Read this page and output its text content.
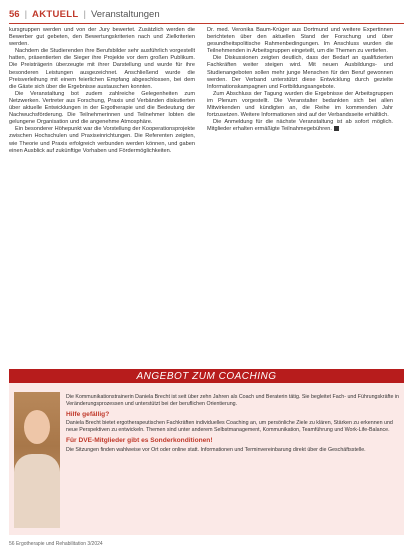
56 | AKTUELL | Veranstaltungen

kursgruppen werden und von der Jury bewertet. Zusätzlich werden die Bewerber gut gebeten, den Bewertungskriterien nach und Zielkriterien werden.

Nachdem die Studierenden ihre Berufsbilder sehr ausführlich vorgestellt hatten, präsentierten die Sieger ihre Projekte vor dem großen Publikum. Die Preisträgerin überzeugte mit ihrer Darstellung und wurde für ihre besonderen Leistungen ausgezeichnet. Anschließend wurde die Preisverleihung mit einem feierlichen Empfang abgeschlossen, bei dem die Gäste sich über die Ergebnisse austauschen konnten.

Die Veranstaltung bot zudem zahlreiche Gelegenheiten zum Netzwerken. Vertreter aus Forschung, Praxis und Verbänden diskutierten über aktuelle Entwicklungen in der Ergotherapie und die Bedeutung der Nachwuchsförderung. Die Teilnehmerinnen und Teilnehmer lobten die gelungene Organisation und die angenehme Atmosphäre.

Ein besonderer Höhepunkt war die Vorstellung der Kooperationsprojekte zwischen Hochschulen und Praxiseinrichtungen. Die Referenten zeigten, wie Theorie und Praxis erfolgreich verbunden werden können, und gaben einen Ausblick auf zukünftige Vorhaben und Fördermöglichkeiten.

Dr. med. Veronika Baum-Krüger aus Dortmund und weitere Expertinnen berichteten über den aktuellen Stand der Forschung und über gesundheitspolitische Rahmenbedingungen. Im Anschluss wurden die Teilnehmenden in Arbeitsgruppen eingeteilt, um die Themen zu vertiefen.

Die Diskussionen zeigten deutlich, dass der Bedarf an qualifizierten Fachkräften weiter steigen wird. Mit neuen Ausbildungs- und Studienangeboten sollen mehr junge Menschen für den Beruf gewonnen werden. Der Verband unterstützt diese Entwicklung durch gezielte Informationskampagnen und Fortbildungsangebote.

Zum Abschluss der Tagung wurden die Ergebnisse der Arbeitsgruppen im Plenum vorgestellt. Die Veranstalter bedankten sich bei allen Mitwirkenden und kündigten an, die Reihe im kommenden Jahr fortzusetzen. Weitere Informationen sind auf der Verbandsseite erhältlich.

Die Anmeldung für die nächste Veranstaltung ist ab sofort möglich. Mitglieder erhalten ermäßigte Teilnahmegebühren.

ANGEBOT ZUM COACHING

Die Kommunikationstrainerin Daniela Brecht ist seit über zehn Jahren als Coach und Beraterin tätig. Sie begleitet Fach- und Führungskräfte in Veränderungsprozessen und unterstützt bei der beruflichen Orientierung.

Hilfe gefällig?

Daniela Brecht bietet ergotherapeutischen Fachkräften individuelles Coaching an, um persönliche Ziele zu klären, Stärken zu erkennen und neue Perspektiven zu entwickeln. Themen sind unter anderem Selbstmanagement, Kommunikation, Teamführung und Work-Life-Balance.

Für DVE-Mitglieder gibt es Sonderkonditionen!

Die Sitzungen finden wahlweise vor Ort oder online statt. Informationen und Terminvereinbarung direkt über die Geschäftsstelle.

56 Ergotherapie und Rehabilitation 3/2024
